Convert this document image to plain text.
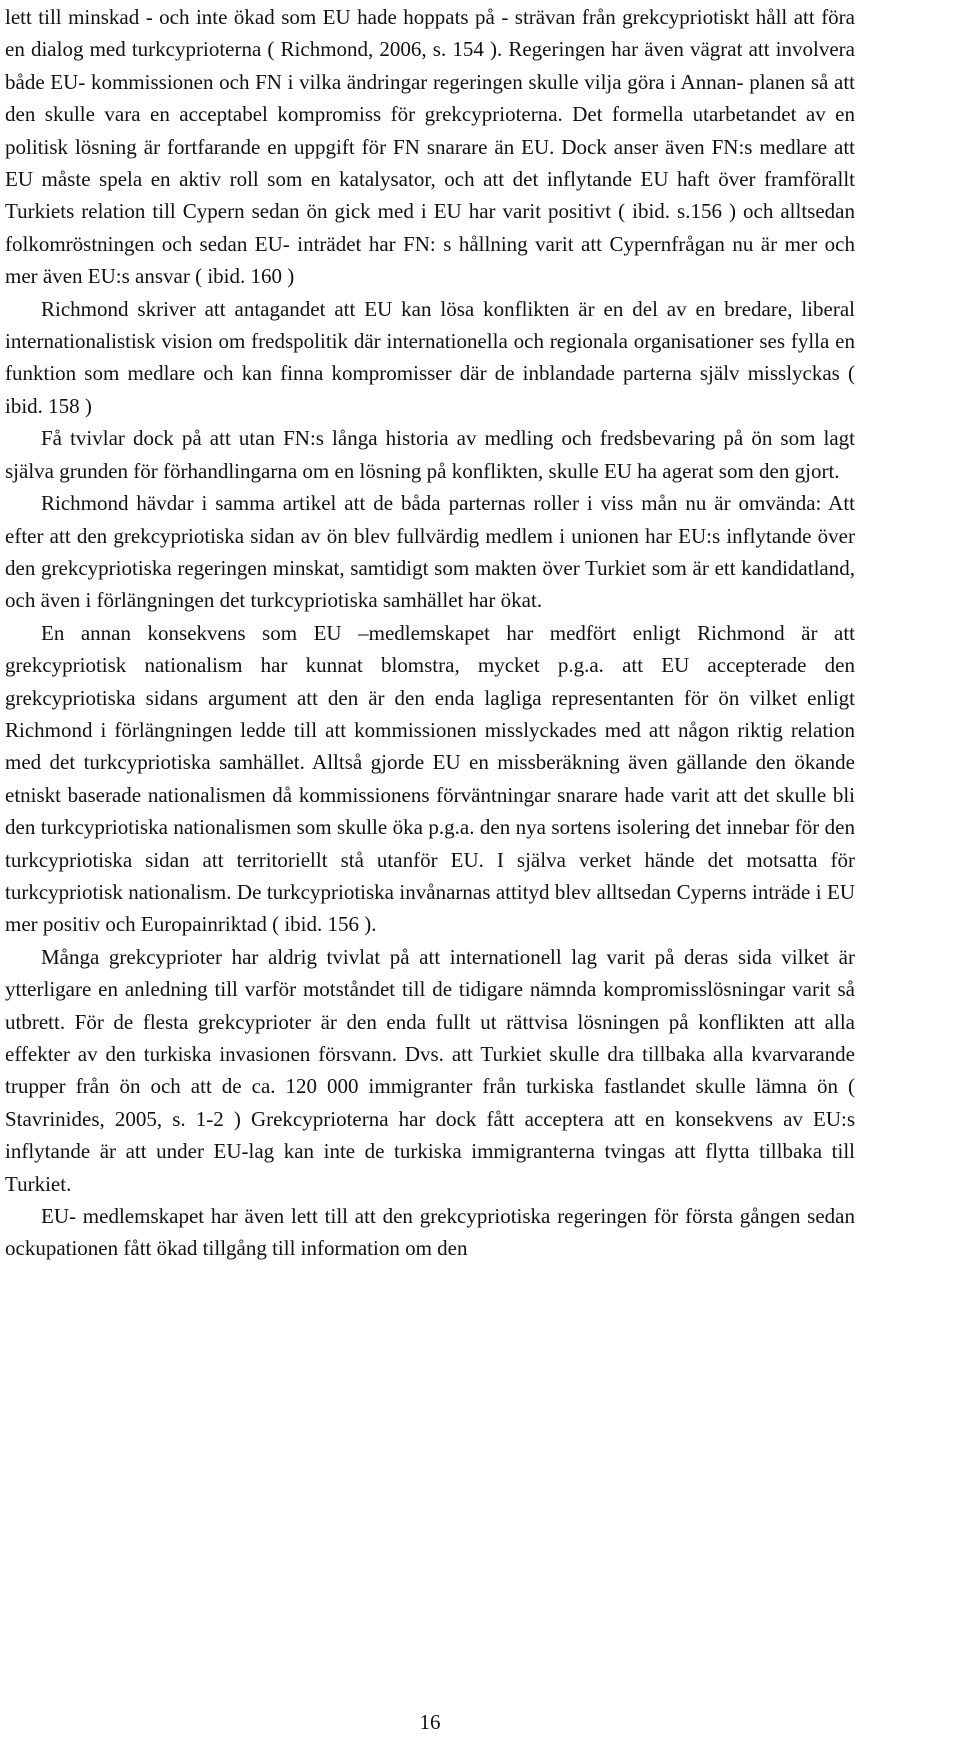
lett till minskad - och inte ökad som EU hade hoppats på - strävan från grekcypriotiskt håll att föra en dialog med turkcyprioterna ( Richmond, 2006, s. 154 ). Regeringen har även vägrat att involvera både EU- kommissionen och FN i vilka ändringar regeringen skulle vilja göra i Annan- planen så att den skulle vara en acceptabel kompromiss för grekcyprioterna. Det formella utarbetandet av en politisk lösning är fortfarande en uppgift för FN snarare än EU. Dock anser även FN:s medlare att EU måste spela en aktiv roll som en katalysator, och att det inflytande EU haft över framförallt Turkiets relation till Cypern sedan ön gick med i EU har varit positivt ( ibid. s.156 ) och alltsedan folkomröstningen och sedan EU- inträdet har FN: s hållning varit att Cypernfrågan nu är mer och mer även EU:s ansvar ( ibid. 160 )

Richmond skriver att antagandet att EU kan lösa konflikten är en del av en bredare, liberal internationalistisk vision om fredspolitik där internationella och regionala organisationer ses fylla en funktion som medlare och kan finna kompromisser där de inblandade parterna själv misslyckas ( ibid. 158 )

Få tvivlar dock på att utan FN:s långa historia av medling och fredsbevaring på ön som lagt själva grunden för förhandlingarna om en lösning på konflikten, skulle EU ha agerat som den gjort.

Richmond hävdar i samma artikel att de båda parternas roller i viss mån nu är omvända: Att efter att den grekcypriotiska sidan av ön blev fullvärdig medlem i unionen har EU:s inflytande över den grekcypriotiska regeringen minskat, samtidigt som makten över Turkiet som är ett kandidatland, och även i förlängningen det turkcypriotiska samhället har ökat.

En annan konsekvens som EU –medlemskapet har medfört enligt Richmond är att grekcypriotisk nationalism har kunnat blomstra, mycket p.g.a. att EU accepterade den grekcypriotiska sidans argument att den är den enda lagliga representanten för ön vilket enligt Richmond i förlängningen ledde till att kommissionen misslyckades med att någon riktig relation med det turkcypriotiska samhället. Alltså gjorde EU en missberäkning även gällande den ökande etniskt baserade nationalismen då kommissionens förväntningar snarare hade varit att det skulle bli den turkcypriotiska nationalismen som skulle öka p.g.a. den nya sortens isolering det innebar för den turkcypriotiska sidan att territoriellt stå utanför EU. I själva verket hände det motsatta för turkcypriotisk nationalism. De turkcypriotiska invånarnas attityd blev alltsedan Cyperns inträde i EU mer positiv och Europainriktad ( ibid. 156 ).

Många grekcyprioter har aldrig tvivlat på att internationell lag varit på deras sida vilket är ytterligare en anledning till varför motståndet till de tidigare nämnda kompromisslösningar varit så utbrett. För de flesta grekcyprioter är den enda fullt ut rättvisa lösningen på konflikten att alla effekter av den turkiska invasionen försvann. Dvs. att Turkiet skulle dra tillbaka alla kvarvarande trupper från ön och att de ca. 120 000 immigranter från turkiska fastlandet skulle lämna ön ( Stavrinides, 2005, s. 1-2 ) Grekcyprioterna har dock fått acceptera att en konsekvens av EU:s inflytande är att under EU-lag kan inte de turkiska immigranterna tvingas att flytta tillbaka till Turkiet.

EU- medlemskapet har även lett till att den grekcypriotiska regeringen för första gången sedan ockupationen fått ökad tillgång till information om den

16
